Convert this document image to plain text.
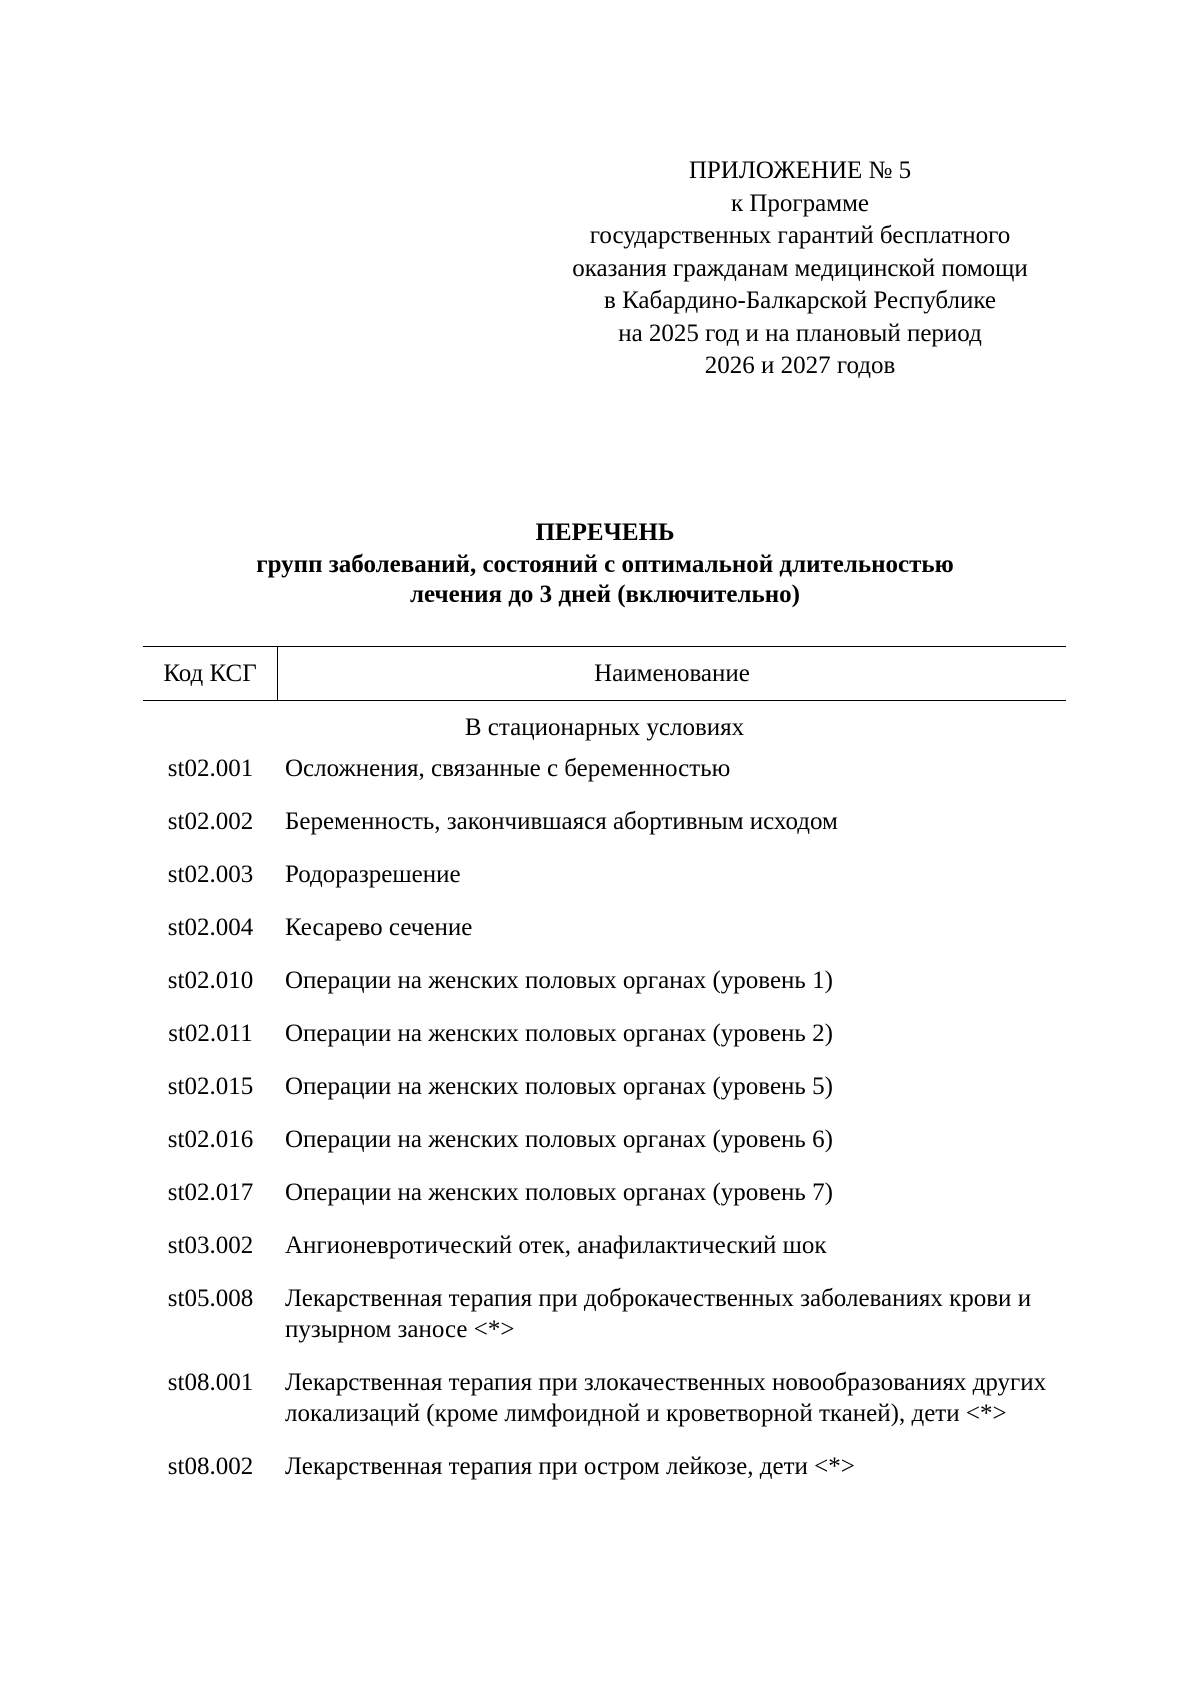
ПРИЛОЖЕНИЕ № 5
к Программе
государственных гарантий бесплатного
оказания гражданам медицинской помощи
в Кабардино-Балкарской Республике
на 2025 год и на плановый период
2026 и 2027 годов
ПЕРЕЧЕНЬ
групп заболеваний, состояний с оптимальной длительностью
лечения до 3 дней (включительно)
Код КСГ	Наименование
В стационарных условиях
st02.001	Осложнения, связанные с беременностью
st02.002	Беременность, закончившаяся абортивным исходом
st02.003	Родоразрешение
st02.004	Кесарево сечение
st02.010	Операции на женских половых органах (уровень 1)
st02.011	Операции на женских половых органах (уровень 2)
st02.015	Операции на женских половых органах (уровень 5)
st02.016	Операции на женских половых органах (уровень 6)
st02.017	Операции на женских половых органах (уровень 7)
st03.002	Ангионевротический отек, анафилактический шок
st05.008	Лекарственная терапия при доброкачественных заболеваниях крови и пузырном заносе <*>
st08.001	Лекарственная терапия при злокачественных новообразованиях других локализаций (кроме лимфоидной и кроветворной тканей), дети <*>
st08.002	Лекарственная терапия при остром лейкозе, дети <*>
